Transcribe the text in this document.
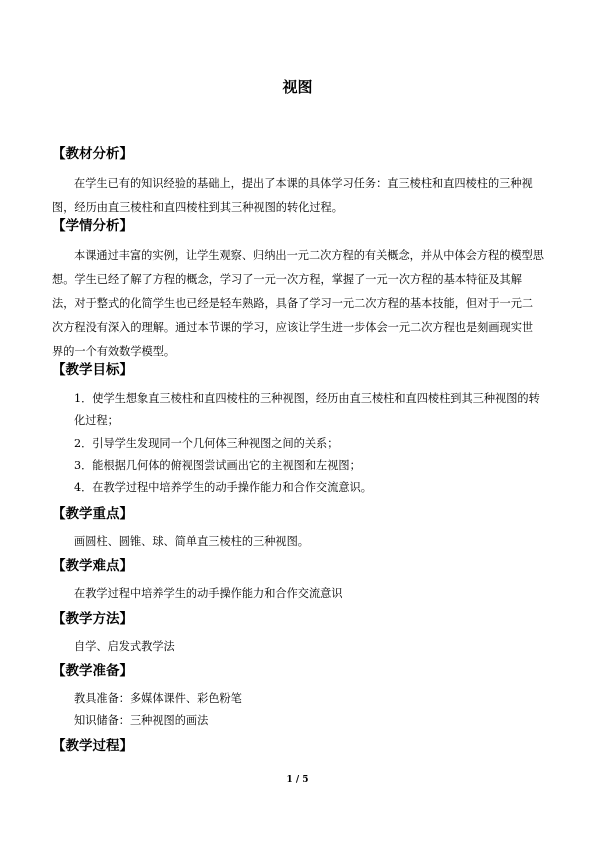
视图
【教材分析】

在学生已有的知识经验的基础上，提出了本课的具体学习任务：直三棱柱和直四棱柱的三种视图，经历由直三棱柱和直四棱柱到其三种视图的转化过程。

【学情分析】

本课通过丰富的实例，让学生观察、归纳出一元二次方程的有关概念，并从中体会方程的模型思想。学生已经了解了方程的概念，学习了一元一次方程，掌握了一元一次方程的基本特征及其解法，对于整式的化简学生也已经是轻车熟路，具备了学习一元二次方程的基本技能，但对于一元二次方程没有深入的理解。通过本节课的学习，应该让学生进一步体会一元二次方程也是刻画现实世界的一个有效数学模型。

【教学目标】

1．使学生想象直三棱柱和直四棱柱的三种视图，经历由直三棱柱和直四棱柱到其三种视图的转化过程；

2．引导学生发现同一个几何体三种视图之间的关系；
3．能根据几何体的俯视图尝试画出它的主视图和左视图；
4．在教学过程中培养学生的动手操作能力和合作交流意识。
【教学重点】
画圆柱、圆锥、球、简单直三棱柱的三种视图。
【教学难点】
在教学过程中培养学生的动手操作能力和合作交流意识
【教学方法】
自学、启发式教学法
【教学准备】
教具准备：多媒体课件、彩色粉笔
知识储备：三种视图的画法
【教学过程】
1 / 5
